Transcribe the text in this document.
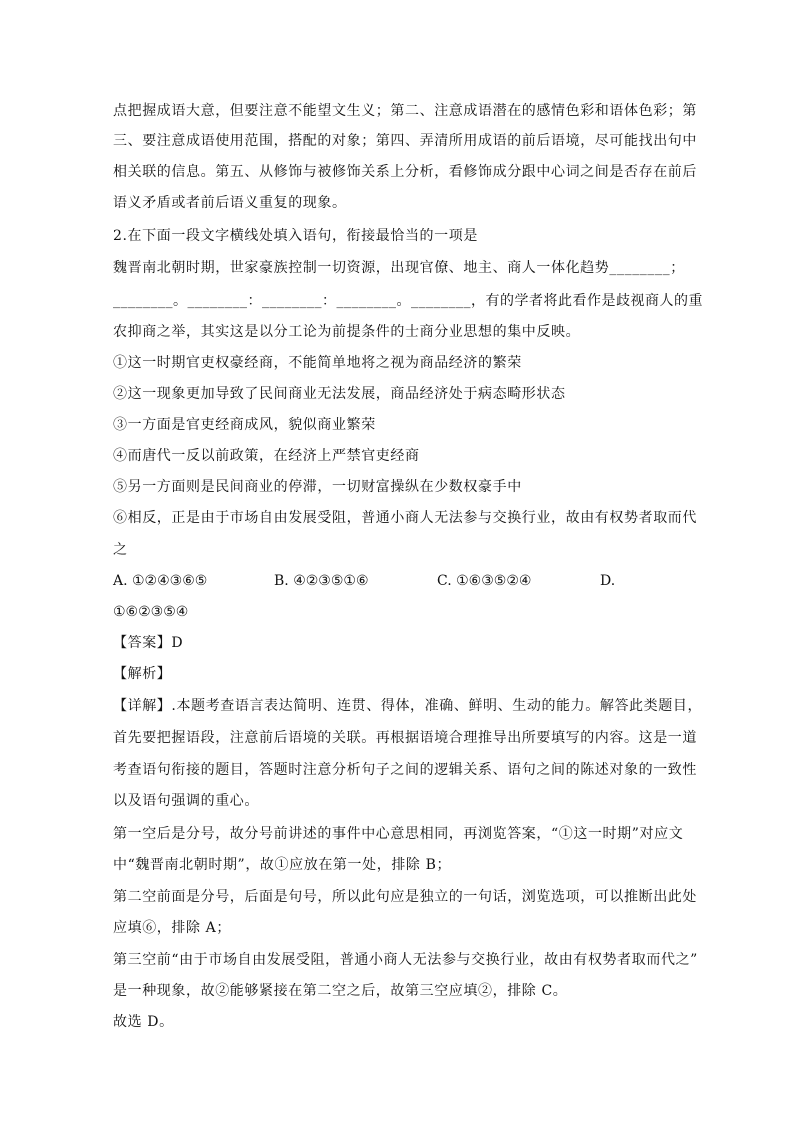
点把握成语大意，但要注意不能望文生义；第二、注意成语潜在的感情色彩和语体色彩；第
三、要注意成语使用范围，搭配的对象；第四、弄清所用成语的前后语境，尽可能找出句中
相关联的信息。第五、从修饰与被修饰关系上分析，看修饰成分跟中心词之间是否存在前后
语义矛盾或者前后语义重复的现象。
2.在下面一段文字横线处填入语句，衔接最恰当的一项是
魏晋南北朝时期，世家豪族控制一切资源，出现官僚、地主、商人一体化趋势________；
________。________：________：________。________，有的学者将此看作是歧视商人的重
农抑商之举，其实这是以分工论为前提条件的士商分业思想的集中反映。
①这一时期官吏权豪经商，不能简单地将之视为商品经济的繁荣
②这一现象更加导致了民间商业无法发展，商品经济处于病态畸形状态
③一方面是官吏经商成风，貌似商业繁荣
④而唐代一反以前政策，在经济上严禁官吏经商
⑤另一方面则是民间商业的停滞，一切财富操纵在少数权豪手中
⑥相反，正是由于市场自由发展受阻，普通小商人无法参与交换行业，故由有权势者取而代
之
A. ①②④③⑥⑤	B. ④②③⑤①⑥	C. ①⑥③⑤②④	D.
①⑥②③⑤④
【答案】D
【解析】
【详解】.本题考查语言表达简明、连贯、得体，准确、鲜明、生动的能力。解答此类题目，
首先要把握语段，注意前后语境的关联。再根据语境合理推导出所要填写的内容。这是一道
考查语句衔接的题目，答题时注意分析句子之间的逻辑关系、语句之间的陈述对象的一致性
以及语句强调的重心。
第一空后是分号，故分号前讲述的事件中心意思相同，再浏览答案，“①这一时期”对应文
中“魏晋南北朝时期”，故①应放在第一处，排除 B；
第二空前面是分号，后面是句号，所以此句应是独立的一句话，浏览选项，可以推断出此处
应填⑥，排除 A；
第三空前“由于市场自由发展受阻，普通小商人无法参与交换行业，故由有权势者取而代之”
是一种现象，故②能够紧接在第二空之后，故第三空应填②，排除 C。
故选 D。
